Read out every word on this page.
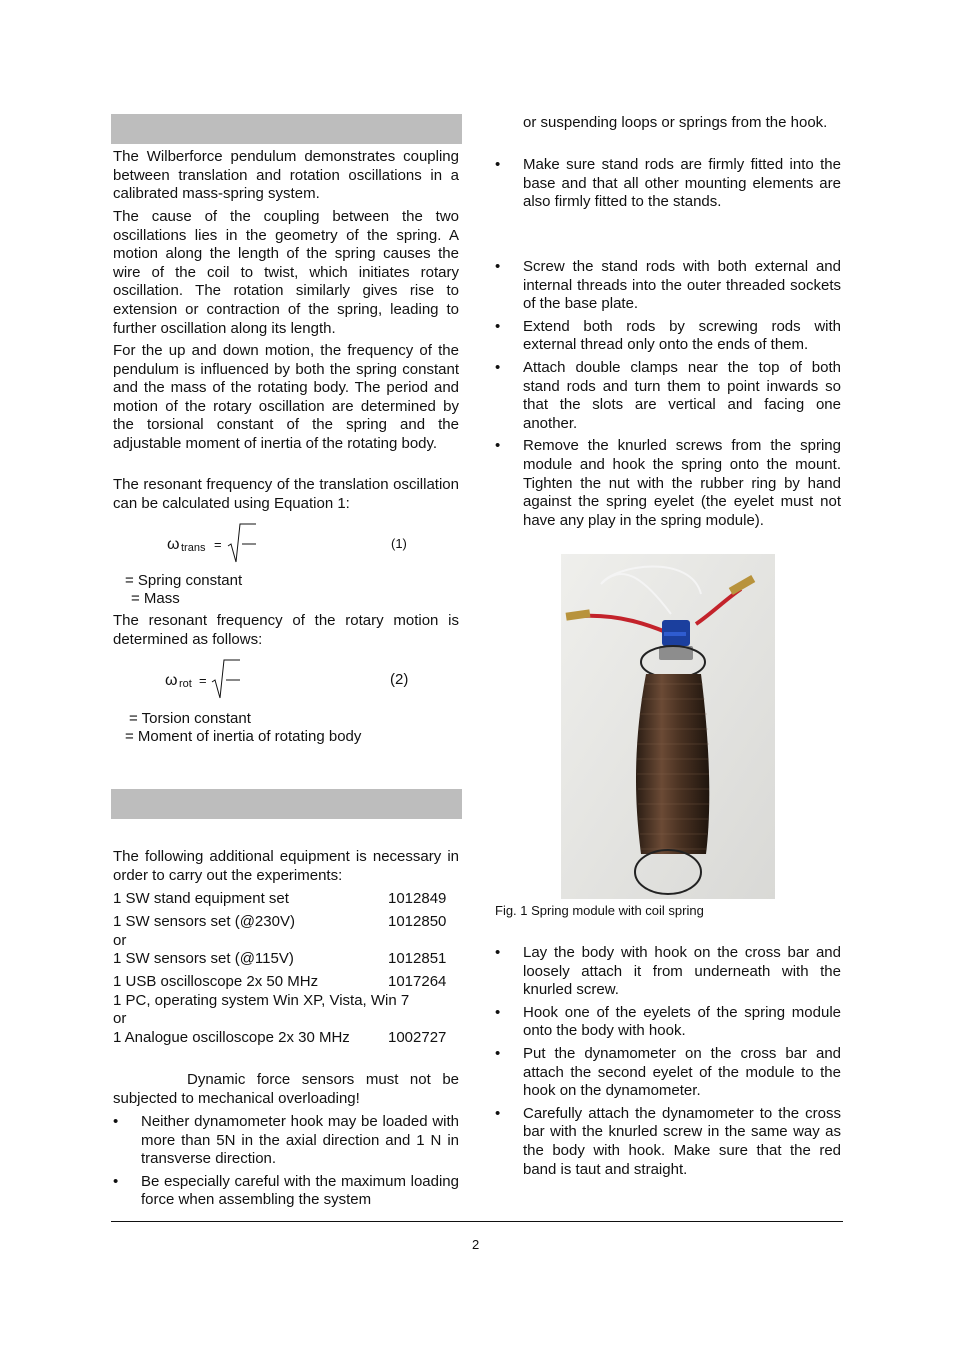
The Wilberforce pendulum demonstrates coupling between translation and rotation oscillations in a calibrated mass-spring system.

The cause of the coupling between the two oscillations lies in the geometry of the spring. A motion along the length of the spring causes the wire of the coil to twist, which initiates rotary oscillation. The rotation similarly gives rise to extension or contraction of the spring, leading to further oscillation along its length.

For the up and down motion, the frequency of the pendulum is influenced by both the spring constant and the mass of the rotating body. The period and motion of the rotary oscillation are determined by the torsional constant of the spring and the adjustable moment of inertia of the rotating body.

The resonant frequency of the translation oscillation can be calculated using Equation 1:

ω trans =	(1)
= Spring constant
= Mass

The resonant frequency of the rotary motion is determined as follows:

ω rot =	(2)
= Torsion constant
= Moment of inertia of rotating body

The following additional equipment is necessary in order to carry out the experiments:

1 SW stand equipment set	1012849
1 SW sensors set (@230V)	1012850
or
1 SW sensors set (@115V)	1012851
1 USB oscilloscope 2x 50 MHz	1017264
1 PC, operating system Win XP, Vista, Win 7
or
1 Analogue oscilloscope 2x 30 MHz	1002727

Dynamic force sensors must not be subjected to mechanical overloading!

• Neither dynamometer hook may be loaded with more than 5N in the axial direction and 1 N in transverse direction.
• Be especially careful with the maximum loading force when assembling the system

or suspending loops or springs from the hook.

• Make sure stand rods are firmly fitted into the base and that all other mounting elements are also firmly fitted to the stands.
• Screw the stand rods with both external and internal threads into the outer threaded sockets of the base plate.
• Extend both rods by screwing rods with external thread only onto the ends of them.
• Attach double clamps near the top of both stand rods and turn them to point inwards so that the slots are vertical and facing one another.
• Remove the knurled screws from the spring module and hook the spring onto the mount. Tighten the nut with the rubber ring by hand against the spring eyelet (the eyelet must not have any play in the spring module).
Fig. 1 Spring module with coil spring
• Lay the body with hook on the cross bar and loosely attach it from underneath with the knurled screw.
• Hook one of the eyelets of the spring module onto the body with hook.
• Put the dynamometer on the cross bar and attach the second eyelet of the module to the hook on the dynamometer.
• Carefully attach the dynamometer to the cross bar with the knurled screw in the same way as the body with hook. Make sure that the red band is taut and straight.
2
